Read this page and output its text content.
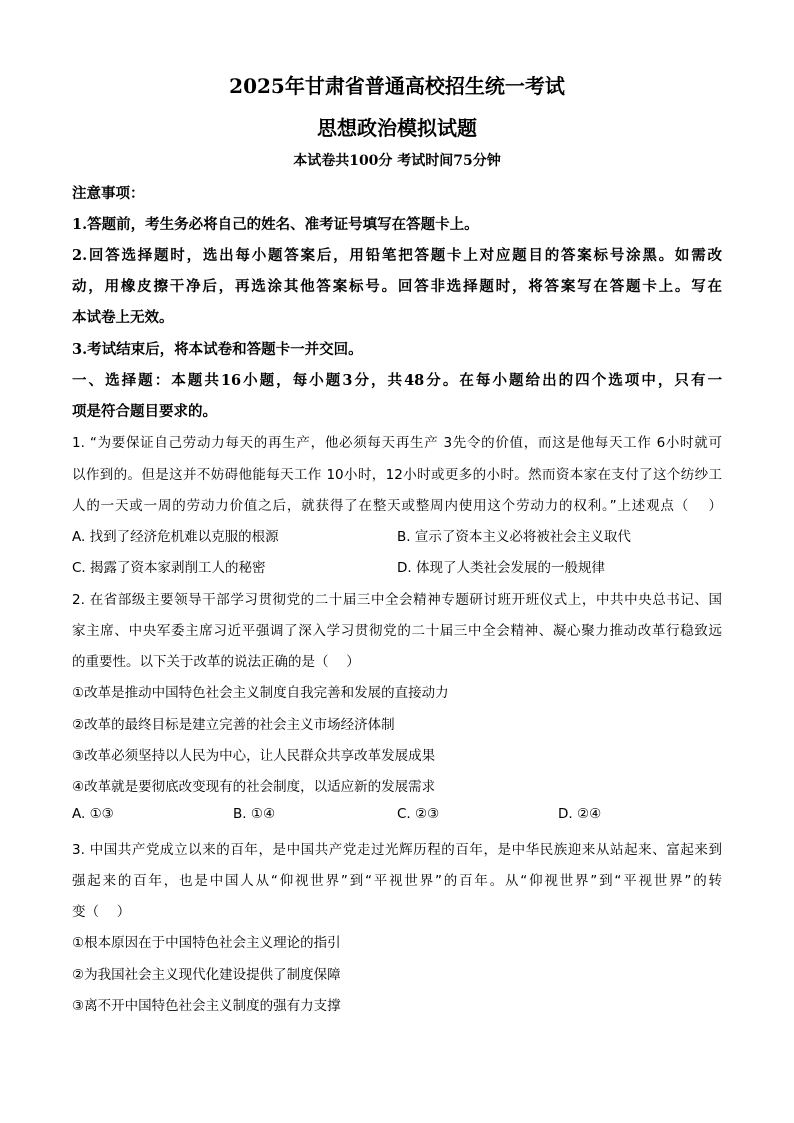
2025年甘肃省普通高校招生统一考试
思想政治模拟试题
本试卷共100分 考试时间75分钟
注意事项：
1.答题前，考生务必将自己的姓名、准考证号填写在答题卡上。
2.回答选择题时，选出每小题答案后，用铅笔把答题卡上对应题目的答案标号涂黑。如需改
动，用橡皮擦干净后，再选涂其他答案标号。回答非选择题时，将答案写在答题卡上。写在
本试卷上无效。
3.考试结束后，将本试卷和答题卡一并交回。
一、选择题：本题共16小题，每小题3分，共48分。在每小题给出的四个选项中，只有一
项是符合题目要求的。
1. “为要保证自己劳动力每天的再生产，他必须每天再生产 3先令的价值，而这是他每天工作 6小时就可
以作到的。但是这并不妨碍他能每天工作 10小时，12小时或更多的小时。然而资本家在支付了这个纺纱工
人的一天或一周的劳动力价值之后，就获得了在整天或整周内使用这个劳动力的权利。”上述观点（　 ）
A. 找到了经济危机难以克服的根源	B. 宣示了资本主义必将被社会主义取代
C. 揭露了资本家剥削工人的秘密	D. 体现了人类社会发展的一般规律
2. 在省部级主要领导干部学习贯彻党的二十届三中全会精神专题研讨班开班仪式上，中共中央总书记、国
家主席、中央军委主席习近平强调了深入学习贯彻党的二十届三中全会精神、凝心聚力推动改革行稳致远
的重要性。以下关于改革的说法正确的是（　 ）
①改革是推动中国特色社会主义制度自我完善和发展的直接动力
②改革的最终目标是建立完善的社会主义市场经济体制
③改革必须坚持以人民为中心，让人民群众共享改革发展成果
④改革就是要彻底改变现有的社会制度，以适应新的发展需求
A. ①③	B. ①④	C. ②③	D. ②④
3. 中国共产党成立以来的百年，是中国共产党走过光辉历程的百年，是中华民族迎来从站起来、富起来到
强起来的百年，也是中国人从“仰视世界”到“平视世界”的百年。从“仰视世界”到“平视世界”的转
变（　 ）
①根本原因在于中国特色社会主义理论的指引
②为我国社会主义现代化建设提供了制度保障
③离不开中国特色社会主义制度的强有力支撑
